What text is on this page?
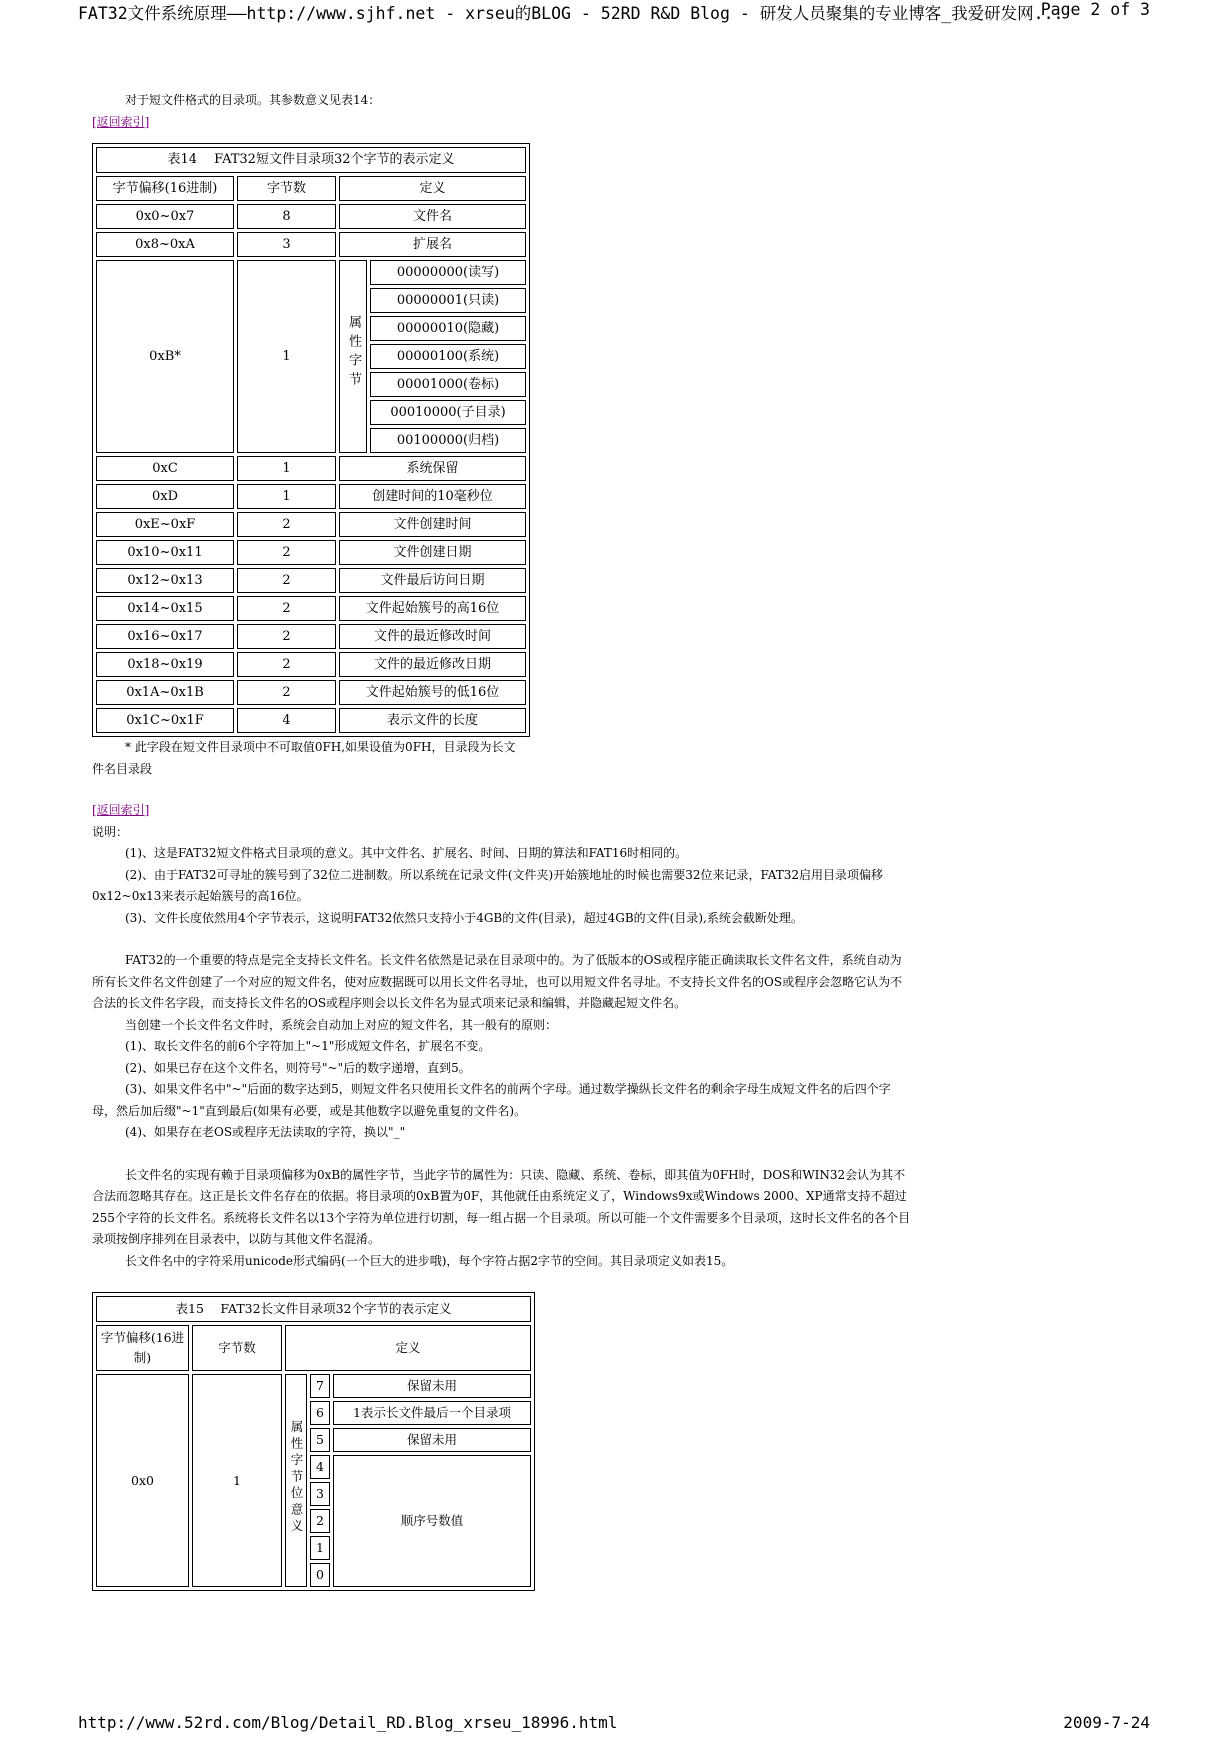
FAT32文件系统原理——http://www.sjhf.net - xrseu的BLOG - 52RD R&D Blog - 研发人员聚集的专业博客_我爱研发网...
Page 2 of 3

对于短文件格式的目录项。其参数意义见表14：

[返回索引]
表14　 FAT32短文件目录项32个字节的表示定义			
字节偏移(16进制)	字节数	定义	
0x0~0x7	8	文件名	
0x8~0xA	3	扩展名	
0xB*	1	属性字节	00000000(读写)
			00000001(只读)
			00000010(隐藏)
			00000100(系统)
			00001000(卷标)
			00010000(子目录)
			00100000(归档)
0xC	1	系统保留	
0xD	1	创建时间的10毫秒位	
0xE~0xF	2	文件创建时间	
0x10~0x11	2	文件创建日期	
0x12~0x13	2	文件最后访问日期	
0x14~0x15	2	文件起始簇号的高16位	
0x16~0x17	2	文件的最近修改时间	
0x18~0x19	2	文件的最近修改日期	
0x1A~0x1B	2	文件起始簇号的低16位	
0x1C~0x1F	4	表示文件的长度	

* 此字段在短文件目录项中不可取值0FH,如果设值为0FH，目录段为长文件名目录段

[返回索引]

说明：

(1)、这是FAT32短文件格式目录项的意义。其中文件名、扩展名、时间、日期的算法和FAT16时相同的。

(2)、由于FAT32可寻址的簇号到了32位二进制数。所以系统在记录文件(文件夹)开始簇地址的时候也需要32位来记录，FAT32启用目录项偏移0x12~0x13来表示起始簇号的高16位。

(3)、文件长度依然用4个字节表示，这说明FAT32依然只支持小于4GB的文件(目录)，超过4GB的文件(目录),系统会截断处理。

FAT32的一个重要的特点是完全支持长文件名。长文件名依然是记录在目录项中的。为了低版本的OS或程序能正确读取长文件名文件，系统自动为所有长文件名文件创建了一个对应的短文件名，使对应数据既可以用长文件名寻址，也可以用短文件名寻址。不支持长文件名的OS或程序会忽略它认为不合法的长文件名字段，而支持长文件名的OS或程序则会以长文件名为显式项来记录和编辑，并隐藏起短文件名。

当创建一个长文件名文件时，系统会自动加上对应的短文件名，其一般有的原则：

(1)、取长文件名的前6个字符加上"~1"形成短文件名，扩展名不变。

(2)、如果已存在这个文件名，则符号"~"后的数字递增，直到5。

(3)、如果文件名中"~"后面的数字达到5，则短文件名只使用长文件名的前两个字母。通过数学操纵长文件名的剩余字母生成短文件名的后四个字母，然后加后缀"~1"直到最后(如果有必要，或是其他数字以避免重复的文件名)。

(4)、如果存在老OS或程序无法读取的字符，换以"_"

长文件名的实现有赖于目录项偏移为0xB的属性字节，当此字节的属性为：只读、隐藏、系统、卷标，即其值为0FH时，DOS和WIN32会认为其不合法而忽略其存在。这正是长文件名存在的依据。将目录项的0xB置为0F，其他就任由系统定义了，Windows9x或Windows 2000、XP通常支持不超过255个字符的长文件名。系统将长文件名以13个字符为单位进行切割，每一组占据一个目录项。所以可能一个文件需要多个目录项，这时长文件名的各个目录项按倒序排列在目录表中，以防与其他文件名混淆。

长文件名中的字符采用unicode形式编码(一个巨大的进步哦)，每个字符占据2字节的空间。其目录项定义如表15。

表15　 FAT32长文件目录项32个字节的表示定义				
字节偏移(16进制)	字节数	定义		
0x0	1	属性字节位意义	7	保留未用
			6	1表示长文件最后一个目录项
			5	保留未用
			4	顺序号数值
			3	
			2	
			1	
			0	
http://www.52rd.com/Blog/Detail_RD.Blog_xrseu_18996.html	2009-7-24
